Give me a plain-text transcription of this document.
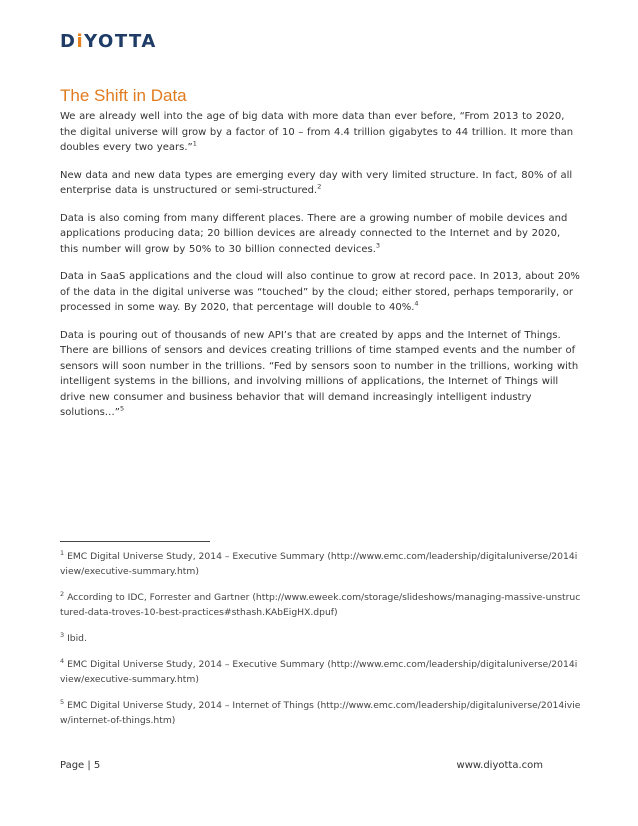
DiYOTTA
The Shift in Data

We are already well into the age of big data with more data than ever before, “From 2013 to 2020, the digital universe will grow by a factor of 10 – from 4.4 trillion gigabytes to 44 trillion. It more than doubles every two years.”$^1$

New data and new data types are emerging every day with very limited structure. In fact, 80% of all enterprise data is unstructured or semi-structured.$^2$

Data is also coming from many different places. There are a growing number of mobile devices and applications producing data; 20 billion devices are already connected to the Internet and by 2020, this number will grow by 50% to 30 billion connected devices.$^3$

Data in SaaS applications and the cloud will also continue to grow at record pace. In 2013, about 20% of the data in the digital universe was “touched” by the cloud; either stored, perhaps temporarily, or processed in some way. By 2020, that percentage will double to 40%.$^4$

Data is pouring out of thousands of new API’s that are created by apps and the Internet of Things. There are billions of sensors and devices creating trillions of time stamped events and the number of sensors will soon number in the trillions. “Fed by sensors soon to number in the trillions, working with intelligent systems in the billions, and involving millions of applications, the Internet of Things will drive new consumer and business behavior that will demand increasingly intelligent industry solutions…”$^5$

$^1$ EMC Digital Universe Study, 2014 – Executive Summary (http://www.emc.com/leadership/digitaluniverse/2014iview/executive-summary.htm)

$^2$ According to IDC, Forrester and Gartner (http://www.eweek.com/storage/slideshows/managing-massive-unstructured-data-troves-10-best-practices#sthash.KAbEigHX.dpuf)

$^3$ Ibid.

$^4$ EMC Digital Universe Study, 2014 – Executive Summary (http://www.emc.com/leadership/digitaluniverse/2014iview/executive-summary.htm)

$^5$ EMC Digital Universe Study, 2014 – Internet of Things (http://www.emc.com/leadership/digitaluniverse/2014iview/internet-of-things.htm)

Page | 5	www.diyotta.com
